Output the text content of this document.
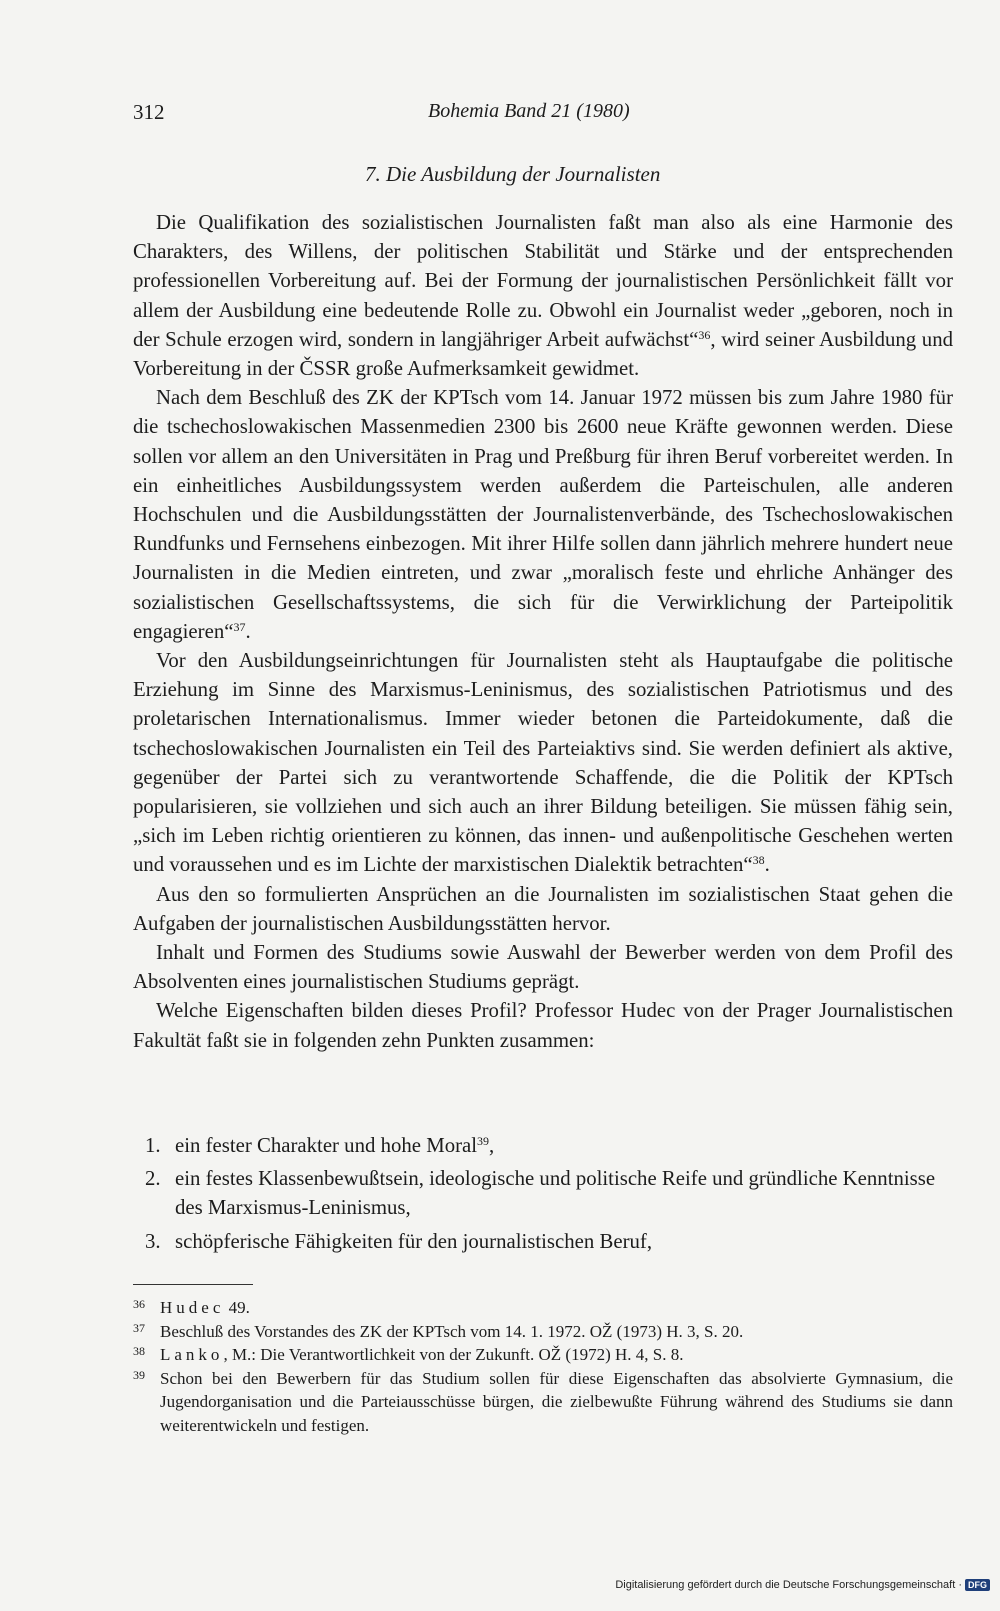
312	Bohemia Band 21 (1980)
7. Die Ausbildung der Journalisten

Die Qualifikation des sozialistischen Journalisten faßt man also als eine Harmonie des Charakters, des Willens, der politischen Stabilität und Stärke und der entsprechenden professionellen Vorbereitung auf. Bei der Formung der journalistischen Persönlichkeit fällt vor allem der Ausbildung eine bedeutende Rolle zu. Obwohl ein Journalist weder „geboren, noch in der Schule erzogen wird, sondern in langjähriger Arbeit aufwächst“$^{36}$, wird seiner Ausbildung und Vorbereitung in der ČSSR große Aufmerksamkeit gewidmet.

Nach dem Beschluß des ZK der KPTsch vom 14. Januar 1972 müssen bis zum Jahre 1980 für die tschechoslowakischen Massenmedien 2300 bis 2600 neue Kräfte gewonnen werden. Diese sollen vor allem an den Universitäten in Prag und Preßburg für ihren Beruf vorbereitet werden. In ein einheitliches Ausbildungssystem werden außerdem die Parteischulen, alle anderen Hochschulen und die Ausbildungsstätten der Journalistenverbände, des Tschechoslowakischen Rundfunks und Fernsehens einbezogen. Mit ihrer Hilfe sollen dann jährlich mehrere hundert neue Journalisten in die Medien eintreten, und zwar „moralisch feste und ehrliche Anhänger des sozialistischen Gesellschaftssystems, die sich für die Verwirklichung der Parteipolitik engagieren“$^{37}$.

Vor den Ausbildungseinrichtungen für Journalisten steht als Hauptaufgabe die politische Erziehung im Sinne des Marxismus-Leninismus, des sozialistischen Patriotismus und des proletarischen Internationalismus. Immer wieder betonen die Parteidokumente, daß die tschechoslowakischen Journalisten ein Teil des Parteiaktivs sind. Sie werden definiert als aktive, gegenüber der Partei sich zu verantwortende Schaffende, die die Politik der KPTsch popularisieren, sie vollziehen und sich auch an ihrer Bildung beteiligen. Sie müssen fähig sein, „sich im Leben richtig orientieren zu können, das innen- und außenpolitische Geschehen werten und voraussehen und es im Lichte der marxistischen Dialektik betrachten“$^{38}$.

Aus den so formulierten Ansprüchen an die Journalisten im sozialistischen Staat gehen die Aufgaben der journalistischen Ausbildungsstätten hervor.

Inhalt und Formen des Studiums sowie Auswahl der Bewerber werden von dem Profil des Absolventen eines journalistischen Studiums geprägt.

Welche Eigenschaften bilden dieses Profil? Professor Hudec von der Prager Journalistischen Fakultät faßt sie in folgenden zehn Punkten zusammen:

1. ein fester Charakter und hohe Moral$^{39}$,
2. ein festes Klassenbewußtsein, ideologische und politische Reife und gründliche Kenntnisse des Marxismus-Leninismus,
3. schöpferische Fähigkeiten für den journalistischen Beruf,
36 Hudec 49.
37 Beschluß des Vorstandes des ZK der KPTsch vom 14. 1. 1972. OŽ (1973) H. 3, S. 20.
38 Lanko, M.: Die Verantwortlichkeit von der Zukunft. OŽ (1972) H. 4, S. 8.
39 Schon bei den Bewerbern für das Studium sollen für diese Eigenschaften das absolvierte Gymnasium, die Jugendorganisation und die Parteiausschüsse bürgen, die zielbewußte Führung während des Studiums sie dann weiterentwickeln und festigen.
Digitalisierung gefördert durch die Deutsche Forschungsgemeinschaft · DFG
